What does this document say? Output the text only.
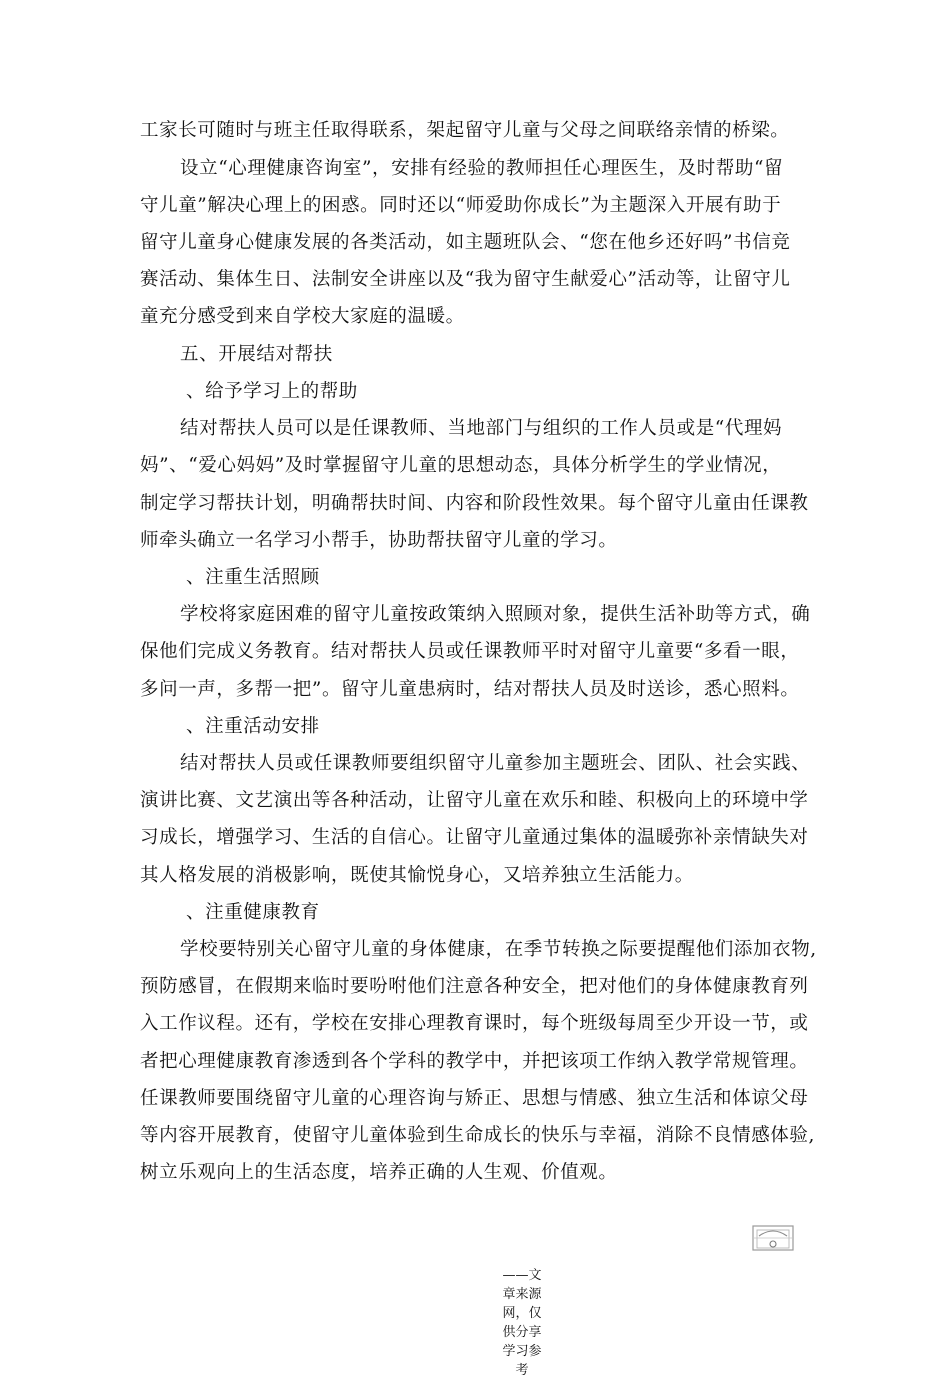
工家长可随时与班主任取得联系，架起留守儿童与父母之间联络亲情的桥梁。
设立“心理健康咨询室”，安排有经验的教师担任心理医生，及时帮助“留
守儿童”解决心理上的困惑。同时还以“师爱助你成长”为主题深入开展有助于
留守儿童身心健康发展的各类活动，如主题班队会、“您在他乡还好吗”书信竞
赛活动、集体生日、法制安全讲座以及“我为留守生献爱心”活动等，让留守儿
童充分感受到来自学校大家庭的温暖。
五、开展结对帮扶
、给予学习上的帮助
结对帮扶人员可以是任课教师、当地部门与组织的工作人员或是“代理妈
妈”、“爱心妈妈”及时掌握留守儿童的思想动态，具体分析学生的学业情况，
制定学习帮扶计划，明确帮扶时间、内容和阶段性效果。每个留守儿童由任课教
师牵头确立一名学习小帮手，协助帮扶留守儿童的学习。
、注重生活照顾
学校将家庭困难的留守儿童按政策纳入照顾对象，提供生活补助等方式，确
保他们完成义务教育。结对帮扶人员或任课教师平时对留守儿童要“多看一眼，
多问一声，多帮一把”。留守儿童患病时，结对帮扶人员及时送诊，悉心照料。
、注重活动安排
结对帮扶人员或任课教师要组织留守儿童参加主题班会、团队、社会实践、
演讲比赛、文艺演出等各种活动，让留守儿童在欢乐和睦、积极向上的环境中学
习成长，增强学习、生活的自信心。让留守儿童通过集体的温暖弥补亲情缺失对
其人格发展的消极影响，既使其愉悦身心，又培养独立生活能力。
、注重健康教育
学校要特别关心留守儿童的身体健康，在季节转换之际要提醒他们添加衣物,
预防感冒，在假期来临时要吩咐他们注意各种安全，把对他们的身体健康教育列
入工作议程。还有，学校在安排心理教育课时，每个班级每周至少开设一节，或
者把心理健康教育渗透到各个学科的教学中，并把该项工作纳入教学常规管理。
任课教师要围绕留守儿童的心理咨询与矫正、思想与情感、独立生活和体谅父母
等内容开展教育，使留守儿童体验到生命成长的快乐与幸福，消除不良情感体验,
树立乐观向上的生活态度，培养正确的人生观、价值观。
——文章来源网，仅供分享学习参考
